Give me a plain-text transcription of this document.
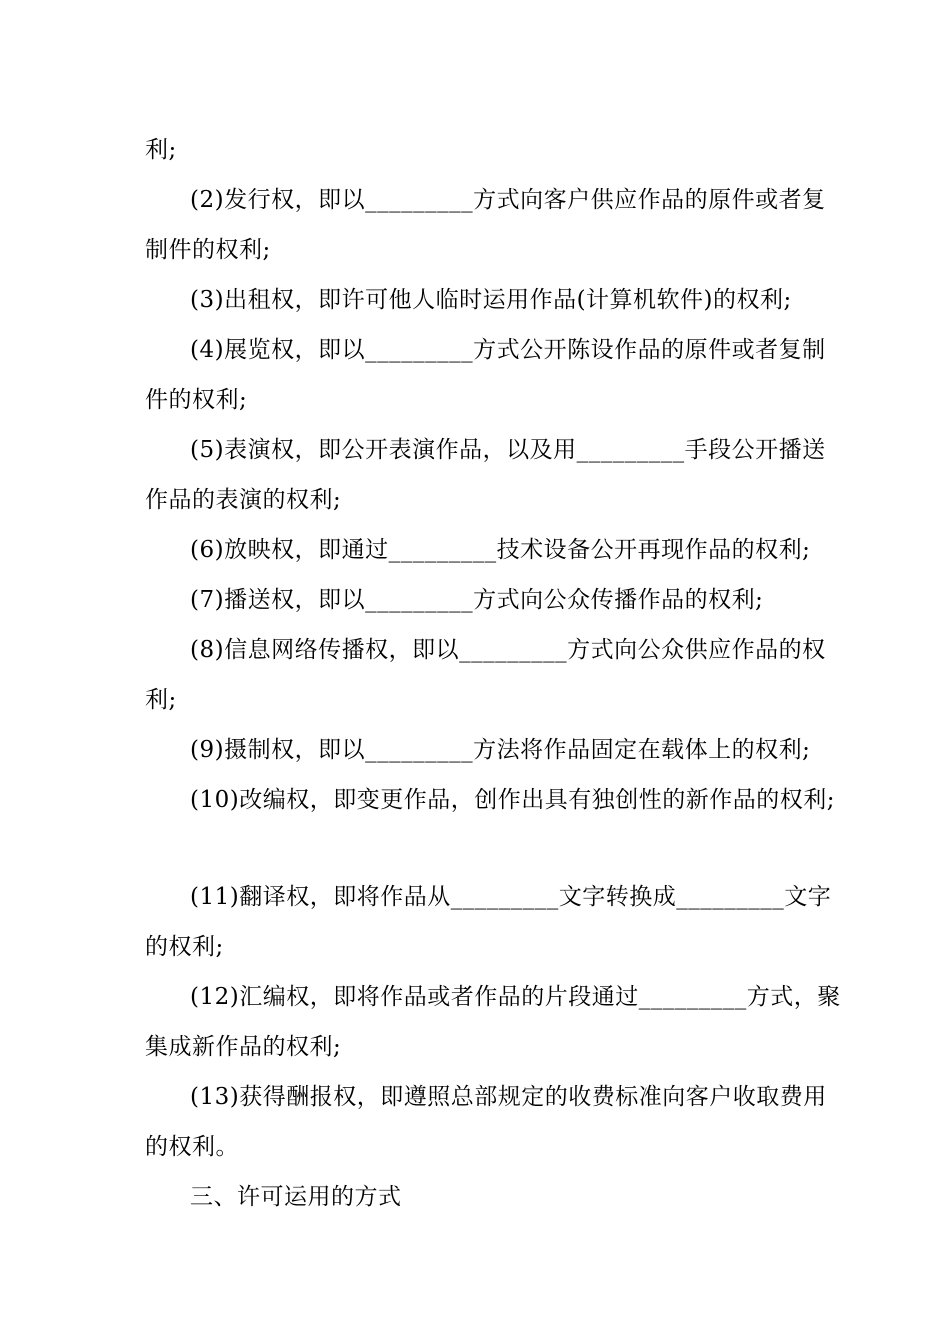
利;
(2)发行权，即以_________方式向客户供应作品的原件或者复
制件的权利;
(3)出租权，即许可他人临时运用作品(计算机软件)的权利;
(4)展览权，即以_________方式公开陈设作品的原件或者复制
件的权利;
(5)表演权，即公开表演作品，以及用_________手段公开播送
作品的表演的权利;
(6)放映权，即通过_________技术设备公开再现作品的权利;
(7)播送权，即以_________方式向公众传播作品的权利;
(8)信息网络传播权，即以_________方式向公众供应作品的权
利;
(9)摄制权，即以_________方法将作品固定在载体上的权利;
(10)改编权，即变更作品，创作出具有独创性的新作品的权利;
(11)翻译权，即将作品从_________文字转换成_________文字
的权利;
(12)汇编权，即将作品或者作品的片段通过_________方式，聚
集成新作品的权利;
(13)获得酬报权，即遵照总部规定的收费标准向客户收取费用
的权利。
三、许可运用的方式
